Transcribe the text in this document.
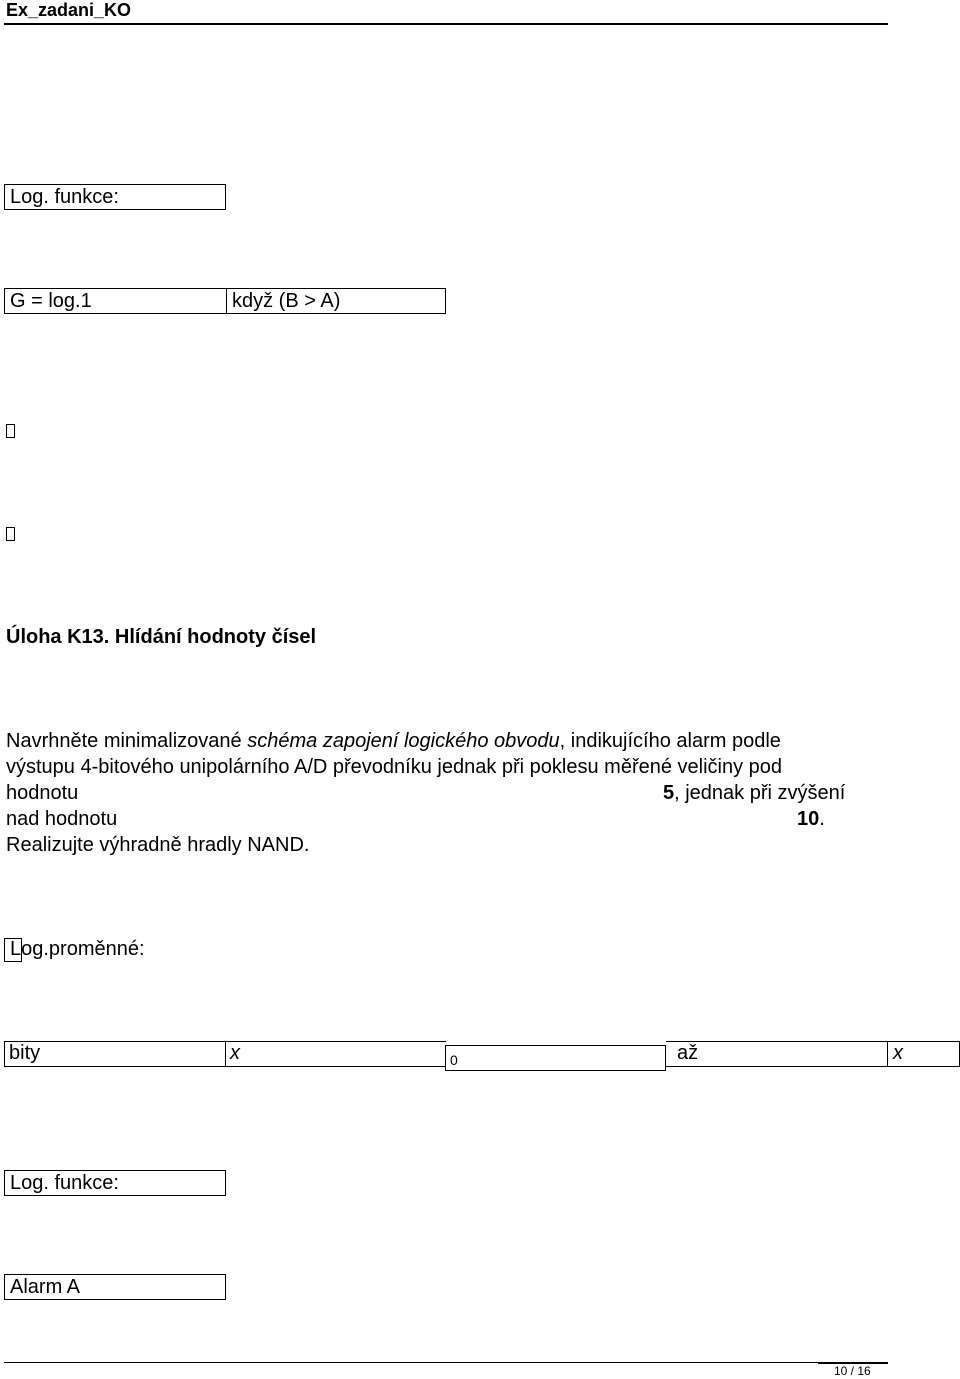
Ex_zadani_KO
Log. funkce:
G = log.1	když (B > A)
Úloha K13. Hlídání hodnoty čísel
Navrhněte minimalizované schéma zapojení logického obvodu, indikujícího alarm podle
výstupu 4-bitového unipolárního A/D převodníku jednak při poklesu měřené veličiny pod
hodnotu	5, jednak při zvýšení
nad hodnotu	10.
Realizujte výhradně hradly NAND.
Log.proměnné:
bity	x	0	až	x
Log. funkce:
Alarm A
10 / 16
